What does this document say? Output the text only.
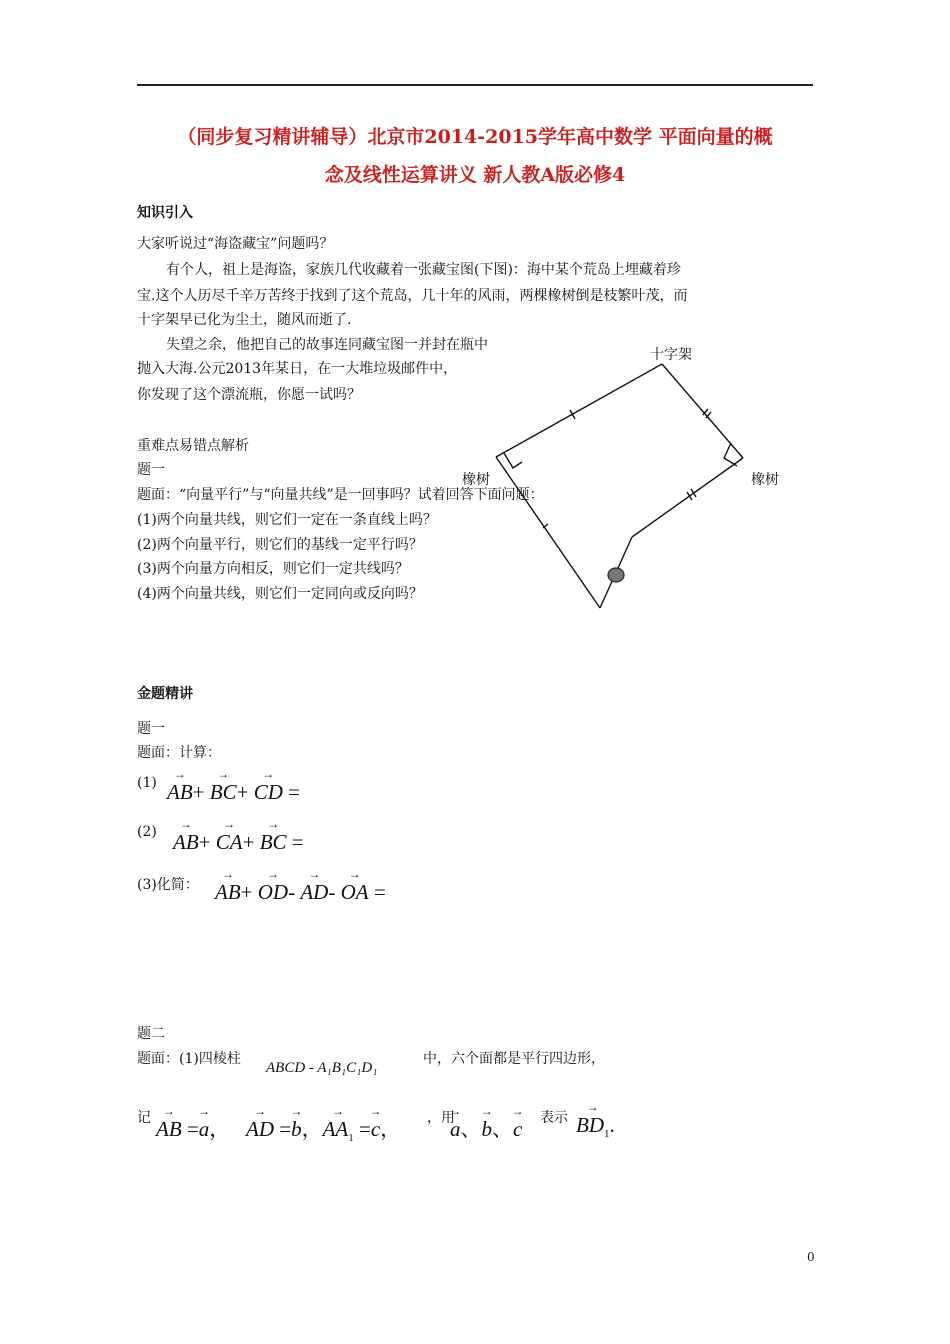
（同步复习精讲辅导）北京市2014-2015学年高中数学 平面向量的概
念及线性运算讲义 新人教A版必修4
知识引入
大家听说过“海盗藏宝”问题吗？
有个人，祖上是海盗，家族几代收藏着一张藏宝图(下图)：海中某个荒岛上埋藏着珍
宝.这个人历尽千辛万苦终于找到了这个荒岛，几十年的风雨，两棵橡树倒是枝繁叶茂，而
十字架早已化为尘土，随风而逝了.
失望之余，他把自己的故事连同藏宝图一并封在瓶中
抛入大海.公元2013年某日，在一大堆垃圾邮件中，
你发现了这个漂流瓶，你愿一试吗？
十字架
橡树	橡树
重难点易错点解析
题一
题面：“向量平行”与“向量共线”是一回事吗？试着回答下面问题：
(1)两个向量共线，则它们一定在一条直线上吗？
(2)两个向量平行，则它们的基线一定平行吗？
(3)两个向量方向相反，则它们一定共线吗？
(4)两个向量共线，则它们一定同向或反向吗？
金题精讲
题一
题面：计算：
(1) → AB+ → BC+ → CD =
(2) → AB+ → CA+ → BC =
(3)化简： → AB+ → OD- → AD- → OA =
题二
题面：(1)四棱柱
ABCD - A₁B₁C₁D₁
中，六个面都是平行四边形，
记 → AB =→ a， → AD =→ b，→ $AA_1 =\to c$， ，用
→ a、→ b、→ c 表示 → $BD_1$.
0
